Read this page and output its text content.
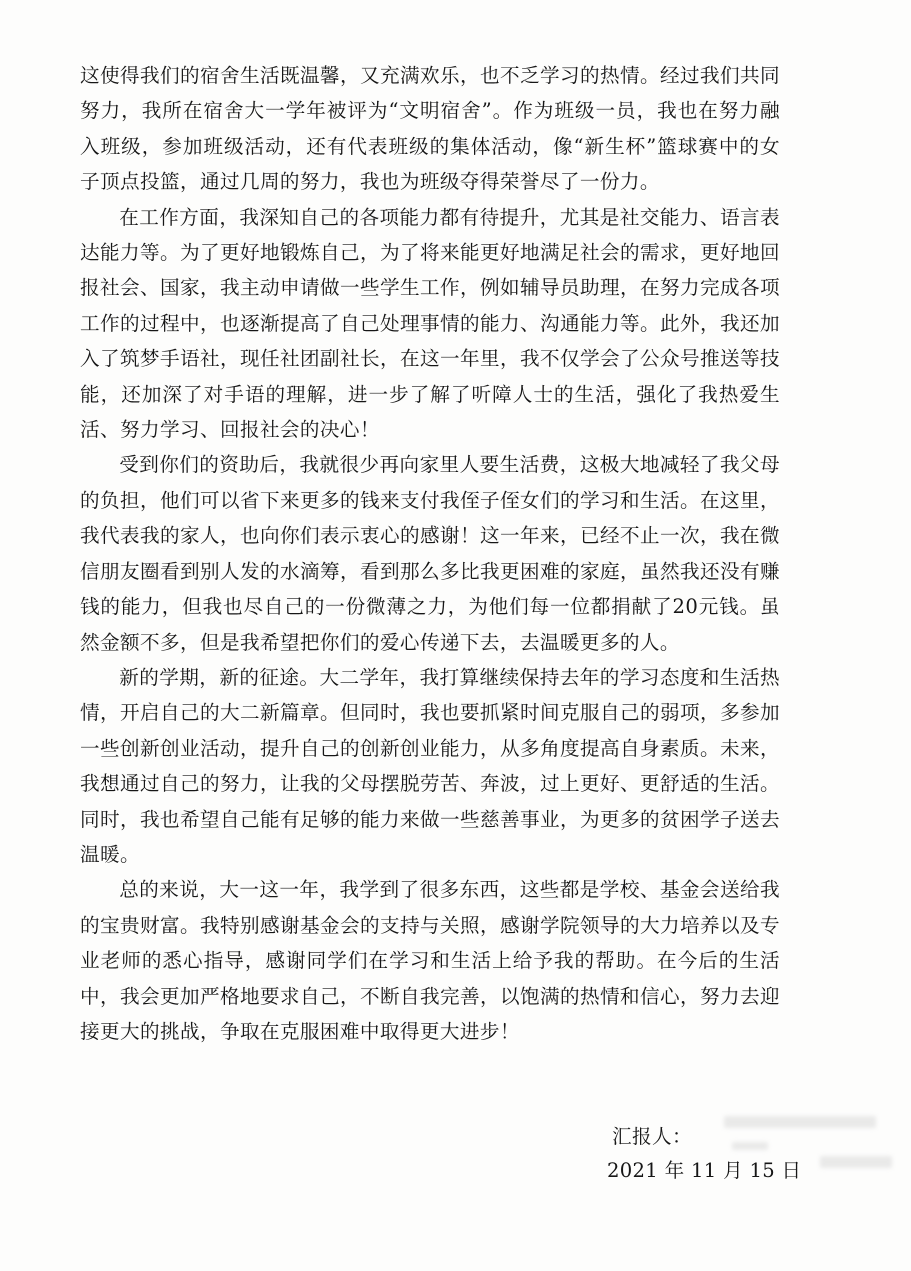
这使得我们的宿舍生活既温馨，又充满欢乐，也不乏学习的热情。经过我们共同努力，我所在宿舍大一学年被评为“文明宿舍”。作为班级一员，我也在努力融入班级，参加班级活动，还有代表班级的集体活动，像“新生杯”篮球赛中的女子顶点投篮，通过几周的努力，我也为班级夺得荣誉尽了一份力。

在工作方面，我深知自己的各项能力都有待提升，尤其是社交能力、语言表达能力等。为了更好地锻炼自己，为了将来能更好地满足社会的需求，更好地回报社会、国家，我主动申请做一些学生工作，例如辅导员助理，在努力完成各项工作的过程中，也逐渐提高了自己处理事情的能力、沟通能力等。此外，我还加入了筑梦手语社，现任社团副社长，在这一年里，我不仅学会了公众号推送等技能，还加深了对手语的理解，进一步了解了听障人士的生活，强化了我热爱生活、努力学习、回报社会的决心！

受到你们的资助后，我就很少再向家里人要生活费，这极大地减轻了我父母的负担，他们可以省下来更多的钱来支付我侄子侄女们的学习和生活。在这里，我代表我的家人，也向你们表示衷心的感谢！这一年来，已经不止一次，我在微信朋友圈看到别人发的水滴筹，看到那么多比我更困难的家庭，虽然我还没有赚钱的能力，但我也尽自己的一份微薄之力，为他们每一位都捐献了20元钱。虽然金额不多，但是我希望把你们的爱心传递下去，去温暖更多的人。

新的学期，新的征途。大二学年，我打算继续保持去年的学习态度和生活热情，开启自己的大二新篇章。但同时，我也要抓紧时间克服自己的弱项，多参加一些创新创业活动，提升自己的创新创业能力，从多角度提高自身素质。未来，我想通过自己的努力，让我的父母摆脱劳苦、奔波，过上更好、更舒适的生活。同时，我也希望自己能有足够的能力来做一些慈善事业，为更多的贫困学子送去温暖。

总的来说，大一这一年，我学到了很多东西，这些都是学校、基金会送给我的宝贵财富。我特别感谢基金会的支持与关照，感谢学院领导的大力培养以及专业老师的悉心指导，感谢同学们在学习和生活上给予我的帮助。在今后的生活中，我会更加严格地要求自己，不断自我完善，以饱满的热情和信心，努力去迎接更大的挑战，争取在克服困难中取得更大进步！

汇报人：
2021 年 11 月 15 日
